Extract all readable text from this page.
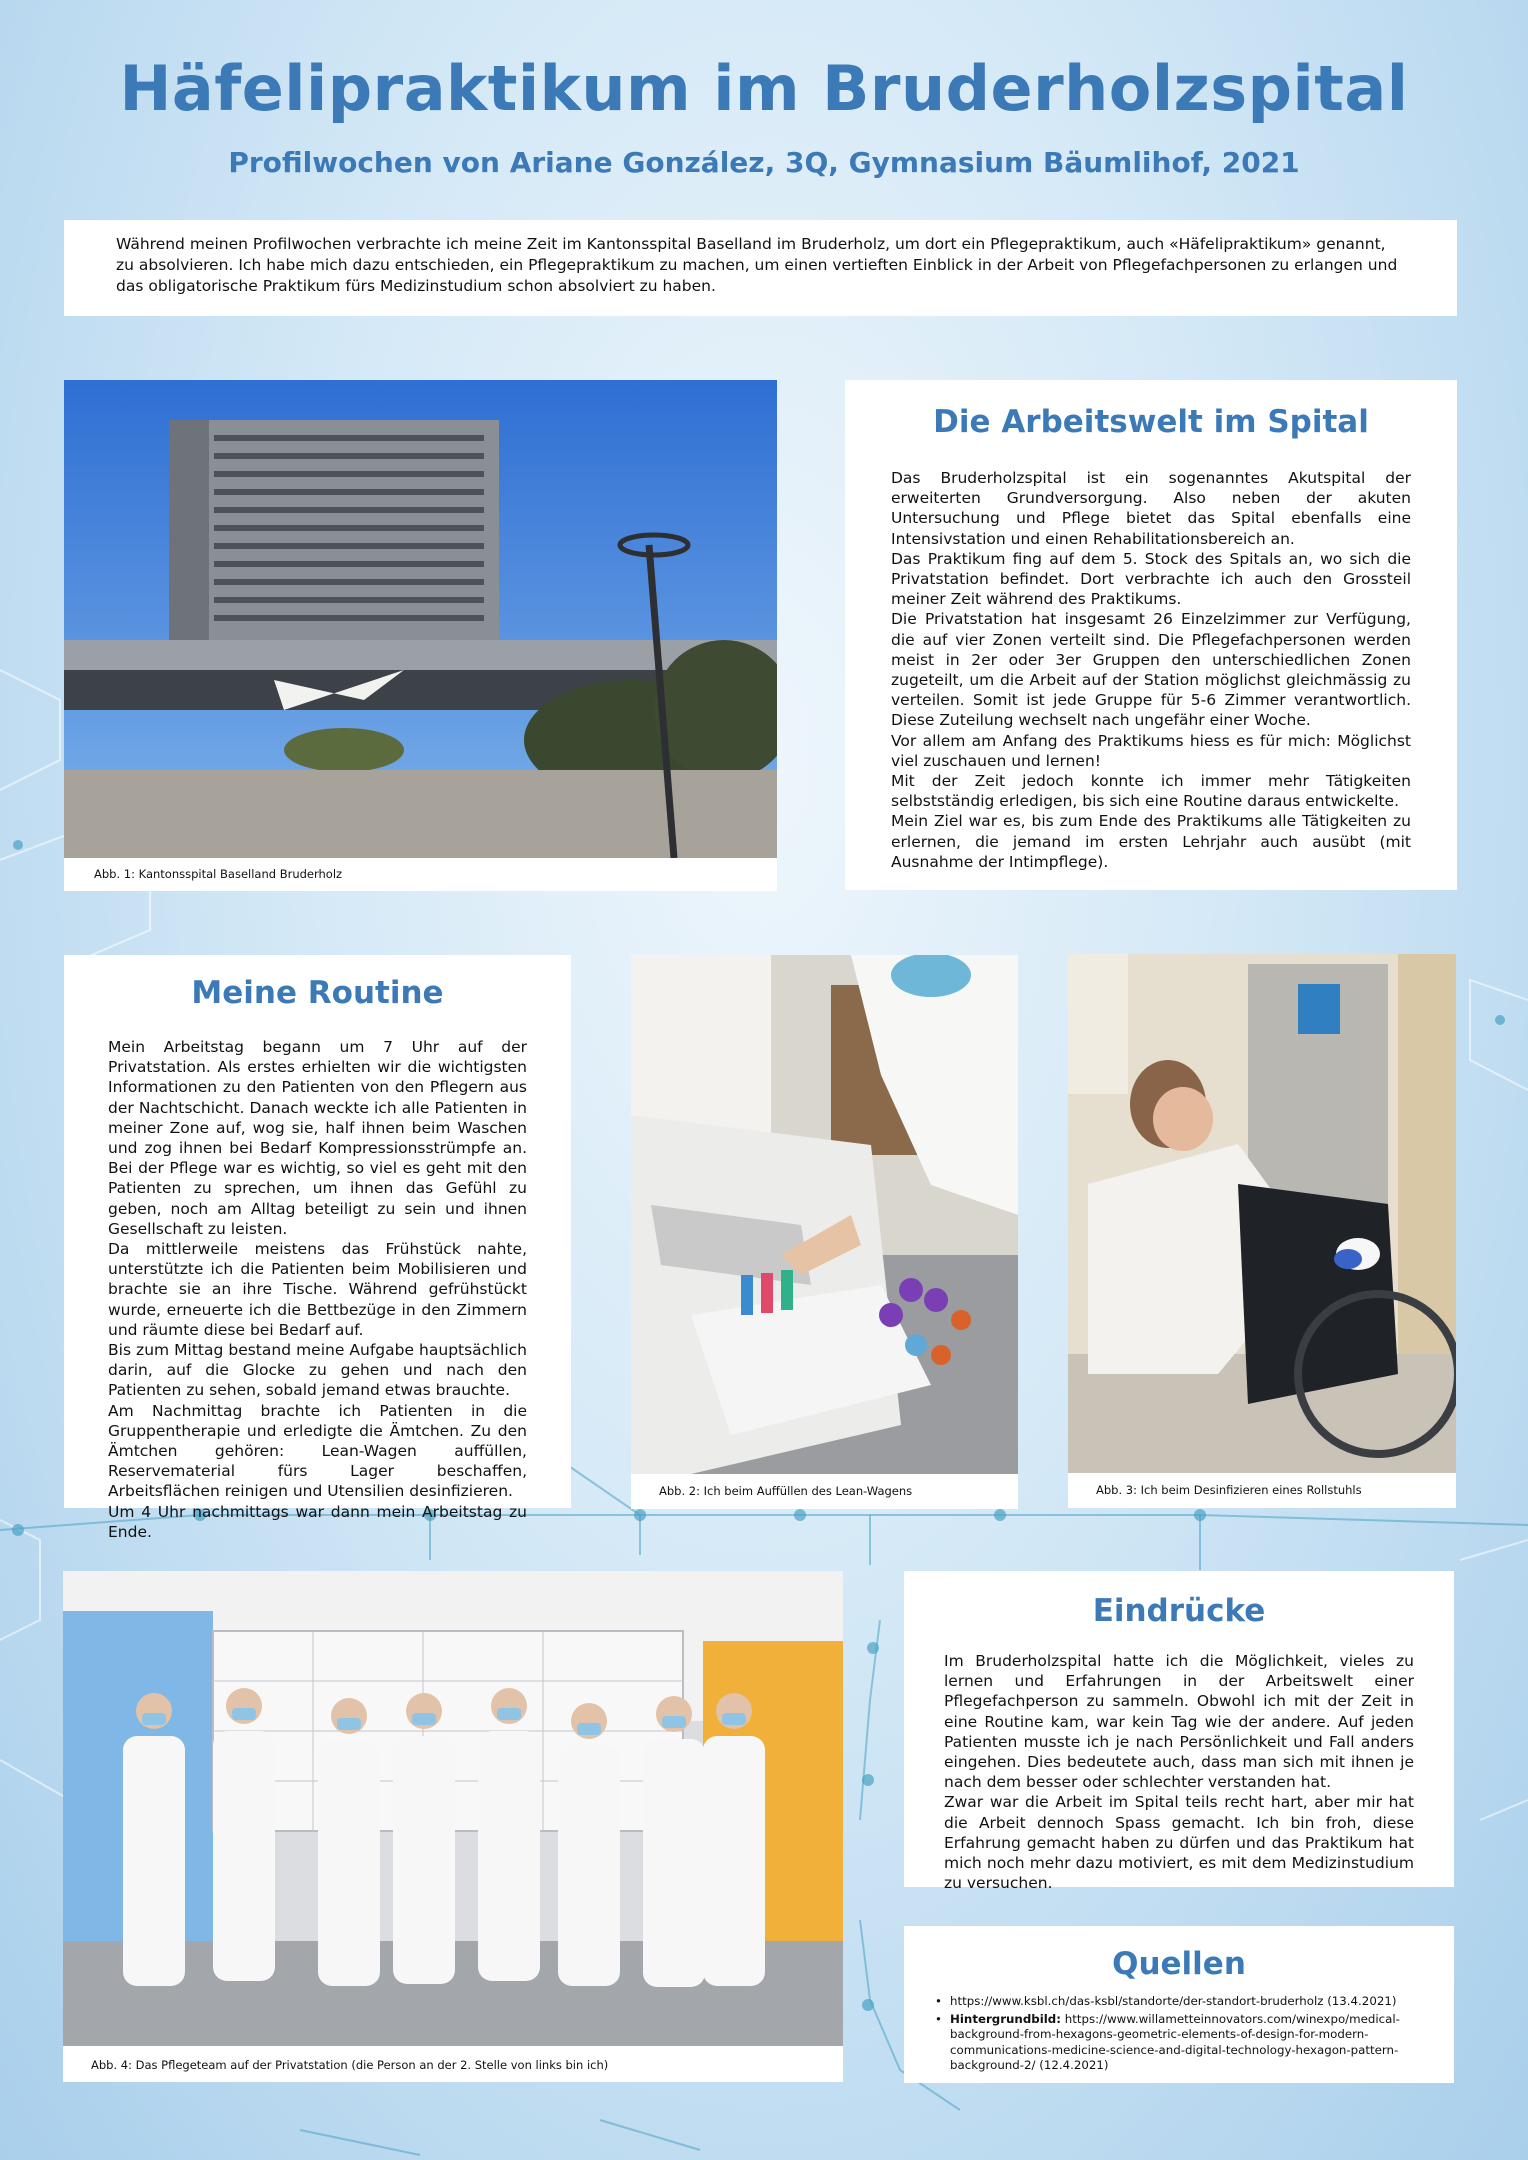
Häfelipraktikum im Bruderholzspital
Profilwochen von Ariane González, 3Q, Gymnasium Bäumlihof, 2021

Während meinen Profilwochen verbrachte ich meine Zeit im Kantonsspital Baselland im Bruderholz, um dort ein Pflegepraktikum, auch «Häfelipraktikum» genannt, zu absolvieren. Ich habe mich dazu entschieden, ein Pflegepraktikum zu machen, um einen vertieften Einblick in der Arbeit von Pflegefachpersonen zu erlangen und das obligatorische Praktikum fürs Medizinstudium schon absolviert zu haben.

Abb. 1: Kantonsspital Baselland Bruderholz
Die Arbeitswelt im Spital

Das Bruderholzspital ist ein sogenanntes Akutspital der erweiterten Grundversorgung. Also neben der akuten Untersuchung und Pflege bietet das Spital ebenfalls eine Intensivstation und einen Rehabilitationsbereich an.

Das Praktikum fing auf dem 5. Stock des Spitals an, wo sich die Privatstation befindet. Dort verbrachte ich auch den Grossteil meiner Zeit während des Praktikums.

Die Privatstation hat insgesamt 26 Einzelzimmer zur Verfügung, die auf vier Zonen verteilt sind. Die Pflegefachpersonen werden meist in 2er oder 3er Gruppen den unterschiedlichen Zonen zugeteilt, um die Arbeit auf der Station möglichst gleichmässig zu verteilen. Somit ist jede Gruppe für 5-6 Zimmer verantwortlich. Diese Zuteilung wechselt nach ungefähr einer Woche.

Vor allem am Anfang des Praktikums hiess es für mich: Möglichst viel zuschauen und lernen!

Mit der Zeit jedoch konnte ich immer mehr Tätigkeiten selbstständig erledigen, bis sich eine Routine daraus entwickelte.

Mein Ziel war es, bis zum Ende des Praktikums alle Tätigkeiten zu erlernen, die jemand im ersten Lehrjahr auch ausübt (mit Ausnahme der Intimpflege).

Meine Routine

Mein Arbeitstag begann um 7 Uhr auf der Privatstation. Als erstes erhielten wir die wichtigsten Informationen zu den Patienten von den Pflegern aus der Nachtschicht. Danach weckte ich alle Patienten in meiner Zone auf, wog sie, half ihnen beim Waschen und zog ihnen bei Bedarf Kompressionsstrümpfe an. Bei der Pflege war es wichtig, so viel es geht mit den Patienten zu sprechen, um ihnen das Gefühl zu geben, noch am Alltag beteiligt zu sein und ihnen Gesellschaft zu leisten.

Da mittlerweile meistens das Frühstück nahte, unterstützte ich die Patienten beim Mobilisieren und brachte sie an ihre Tische. Während gefrühstückt wurde, erneuerte ich die Bettbezüge in den Zimmern und räumte diese bei Bedarf auf.

Bis zum Mittag bestand meine Aufgabe hauptsächlich darin, auf die Glocke zu gehen und nach den Patienten zu sehen, sobald jemand etwas brauchte.

Am Nachmittag brachte ich Patienten in die Gruppentherapie und erledigte die Ämtchen. Zu den Ämtchen gehören: Lean-Wagen auffüllen, Reservematerial fürs Lager beschaffen, Arbeitsflächen reinigen und Utensilien desinfizieren.

Um 4 Uhr nachmittags war dann mein Arbeitstag zu Ende.

Abb. 2: Ich beim Auffüllen des Lean-Wagens	Abb. 3: Ich beim Desinfizieren eines Rollstuhls
Abb. 4: Das Pflegeteam auf der Privatstation (die Person an der 2. Stelle von links bin ich)
Eindrücke

Im Bruderholzspital hatte ich die Möglichkeit, vieles zu lernen und Erfahrungen in der Arbeitswelt einer Pflegefachperson zu sammeln. Obwohl ich mit der Zeit in eine Routine kam, war kein Tag wie der andere. Auf jeden Patienten musste ich je nach Persönlichkeit und Fall anders eingehen. Dies bedeutete auch, dass man sich mit ihnen je nach dem besser oder schlechter verstanden hat.

Zwar war die Arbeit im Spital teils recht hart, aber mir hat die Arbeit dennoch Spass gemacht. Ich bin froh, diese Erfahrung gemacht haben zu dürfen und das Praktikum hat mich noch mehr dazu motiviert, es mit dem Medizinstudium zu versuchen.

Quellen
• https://www.ksbl.ch/das-ksbl/standorte/der-standort-bruderholz (13.4.2021)
• Hintergrundbild: https://www.willametteinnovators.com/winexpo/medical-background-from-hexagons-geometric-elements-of-design-for-modern-communications-medicine-science-and-digital-technology-hexagon-pattern-background-2/ (12.4.2021)
